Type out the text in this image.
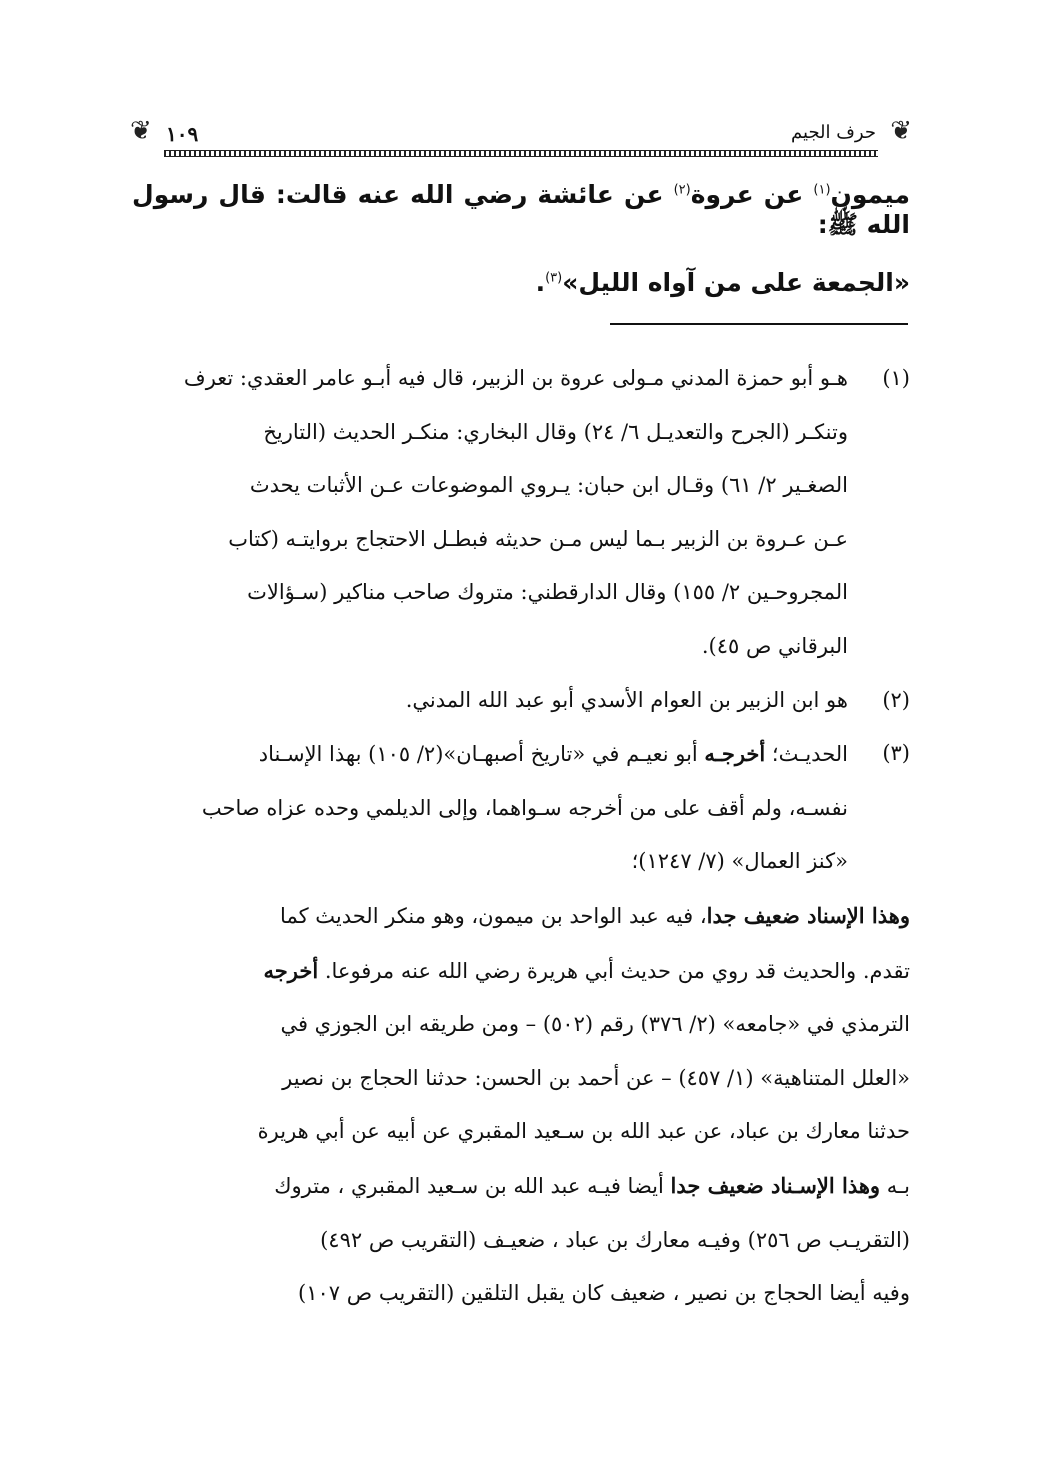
❦ ١٠٩	حرف الجيم ❦
ميمون$^{(١)}$ عن عروة$^{(٢)}$ عن عائشة رضي الله عنه قالت: قال رسول الله ﷺ:
«الجمعة على من آواه الليل»$^{(٣)}$.
(١)
هـو أبو حمزة المدني مـولى عروة بن الزبير، قال فيه أبـو عامر العقدي: تعرف
وتنكـر (الجرح والتعديـل ٦/ ٢٤) وقال البخاري: منكـر الحديث (التاريخ
الصغـير ٢/ ٦١) وقـال ابن حبان: يـروي الموضوعات عـن الأثبات يحدث
عـن عـروة بن الزبير بـما ليس مـن حديثه فبطـل الاحتجاج بروايتـه (كتاب
المجروحـين ٢/ ١٥٥) وقال الدارقطني: متروك صاحب مناكير (سـؤالات
البرقاني ص ٤٥).
(٢)
هو ابن الزبير بن العوام الأسدي أبو عبد الله المدني.
(٣)
الحديـث؛ أخرجـه أبو نعيـم في «تاريخ أصبهـان»(٢/ ١٠٥) بهذا الإسـناد
نفسـه، ولم أقف على من أخرجه سـواهما، وإلى الديلمي وحده عزاه صاحب
«كنز العمال» (٧/ ١٢٤٧)؛
وهذا الإسناد ضعيف جدا، فيه عبد الواحد بن ميمون، وهو منكر الحديث كما
تقدم. والحديث قد روي من حديث أبي هريرة رضي الله عنه مرفوعا. أخرجه
الترمذي في «جامعه» (٢/ ٣٧٦) رقم (٥٠٢) – ومن طريقه ابن الجوزي في
«العلل المتناهية» (١/ ٤٥٧) – عن أحمد بن الحسن: حدثنا الحجاج بن نصير
حدثنا معارك بن عباد، عن عبد الله بن سـعيد المقبري عن أبيه عن أبي هريرة
بـه وهذا الإسـناد ضعيف جدا أيضا فيـه عبد الله بن سـعيد المقبري ، متروك
(التقريـب ص ٢٥٦) وفيـه معارك بن عباد ، ضعيـف (التقريب ص ٤٩٢)
وفيه أيضا الحجاج بن نصير ، ضعيف كان يقبل التلقين (التقريب ص ١٠٧)
